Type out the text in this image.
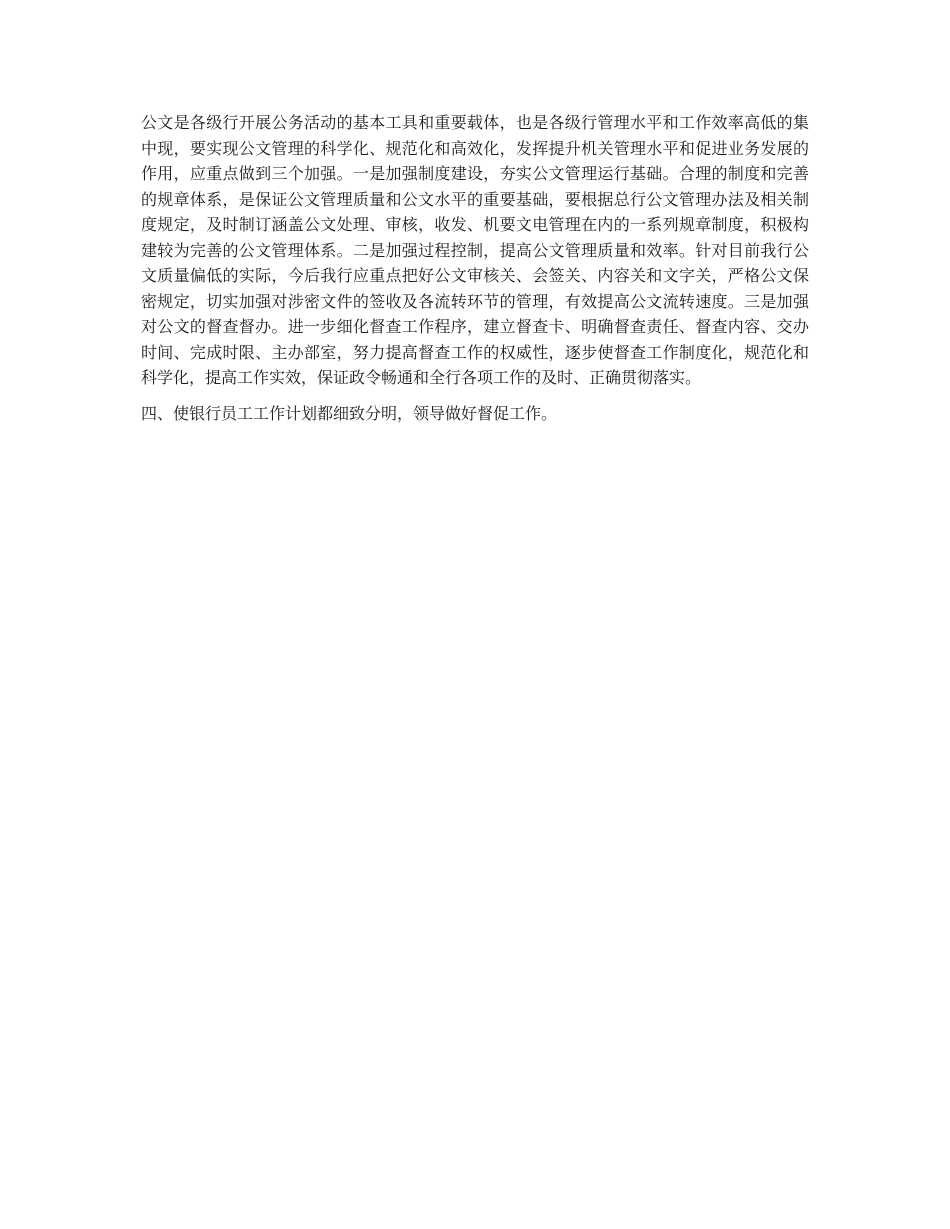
公文是各级行开展公务活动的基本工具和重要载体，也是各级行管理水平和工作效率高低的集中现，要实现公文管理的科学化、规范化和高效化，发挥提升机关管理水平和促进业务发展的作用，应重点做到三个加强。一是加强制度建设，夯实公文管理运行基础。合理的制度和完善的规章体系，是保证公文管理质量和公文水平的重要基础，要根据总行公文管理办法及相关制度规定，及时制订涵盖公文处理、审核，收发、机要文电管理在内的一系列规章制度，积极构建较为完善的公文管理体系。二是加强过程控制，提高公文管理质量和效率。针对目前我行公文质量偏低的实际，今后我行应重点把好公文审核关、会签关、内容关和文字关，严格公文保密规定，切实加强对涉密文件的签收及各流转环节的管理，有效提高公文流转速度。三是加强对公文的督查督办。进一步细化督查工作程序，建立督查卡、明确督查责任、督查内容、交办时间、完成时限、主办部室，努力提高督查工作的权威性，逐步使督查工作制度化，规范化和科学化，提高工作实效，保证政令畅通和全行各项工作的及时、正确贯彻落实。

四、使银行员工工作计划都细致分明，领导做好督促工作。
